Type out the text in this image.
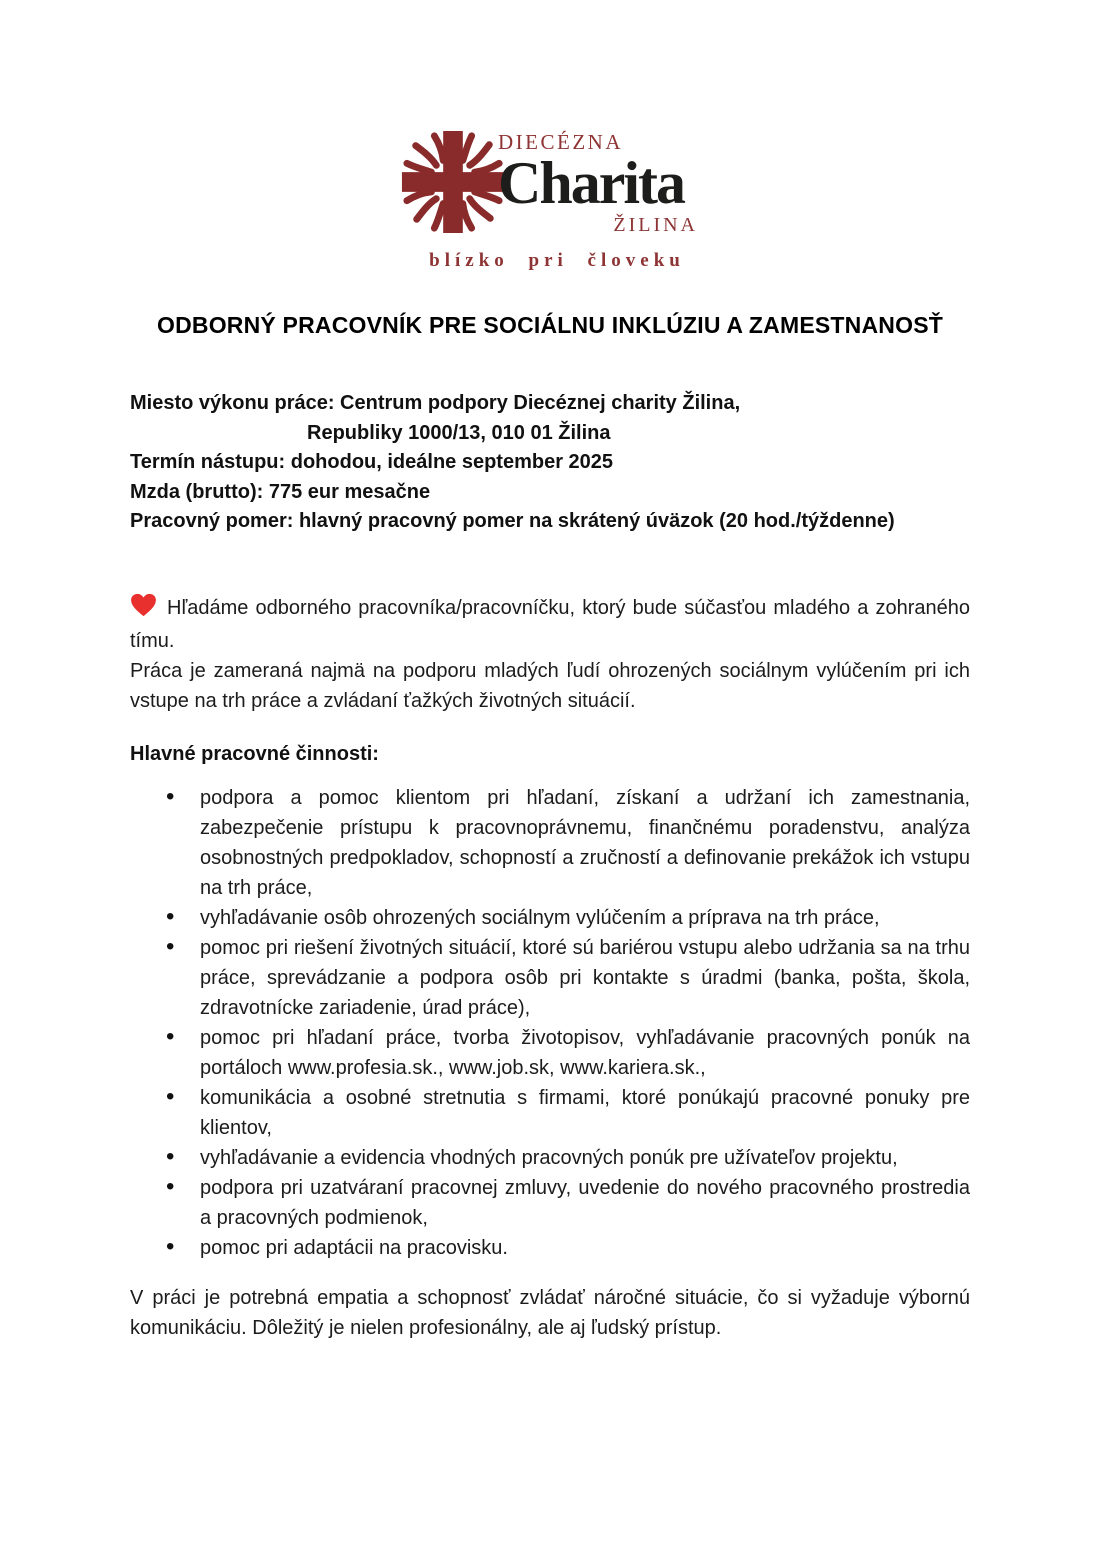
DIECÉZNA
Charita
ŽILINA
blízko pri človeku
ODBORNÝ PRACOVNÍK PRE SOCIÁLNU INKLÚZIU A ZAMESTNANOSŤ

Miesto výkonu práce: Centrum podpory Diecéznej charity Žilina,

Republiky 1000/13, 010 01 Žilina

Termín nástupu: dohodou, ideálne september 2025

Mzda (brutto): 775 eur mesačne

Pracovný pomer: hlavný pracovný pomer na skrátený úväzok (20 hod./týždenne)

Hľadáme odborného pracovníka/pracovníčku, ktorý bude súčasťou mladého a zohraného tímu.

Práca je zameraná najmä na podporu mladých ľudí ohrozených sociálnym vylúčením pri ich vstupe na trh práce a zvládaní ťažkých životných situácií.

Hlavné pracovné činnosti:
• podpora a pomoc klientom pri hľadaní, získaní a udržaní ich zamestnania, zabezpečenie prístupu k pracovnoprávnemu, finančnému poradenstvu, analýza osobnostných predpokladov, schopností a zručností a definovanie prekážok ich vstupu na trh práce,
• vyhľadávanie osôb ohrozených sociálnym vylúčením a príprava na trh práce,
• pomoc pri riešení životných situácií, ktoré sú bariérou vstupu alebo udržania sa na trhu práce, sprevádzanie a podpora osôb pri kontakte s úradmi (banka, pošta, škola, zdravotnícke zariadenie, úrad práce),
• pomoc pri hľadaní práce, tvorba životopisov, vyhľadávanie pracovných ponúk na portáloch www.profesia.sk., www.job.sk, www.kariera.sk.,
• komunikácia a osobné stretnutia s firmami, ktoré ponúkajú pracovné ponuky pre klientov,
• vyhľadávanie a evidencia vhodných pracovných ponúk pre užívateľov projektu,
• podpora pri uzatváraní pracovnej zmluvy, uvedenie do nového pracovného prostredia a pracovných podmienok,
• pomoc pri adaptácii na pracovisku.

V práci je potrebná empatia a schopnosť zvládať náročné situácie, čo si vyžaduje výbornú komunikáciu. Dôležitý je nielen profesionálny, ale aj ľudský prístup.
